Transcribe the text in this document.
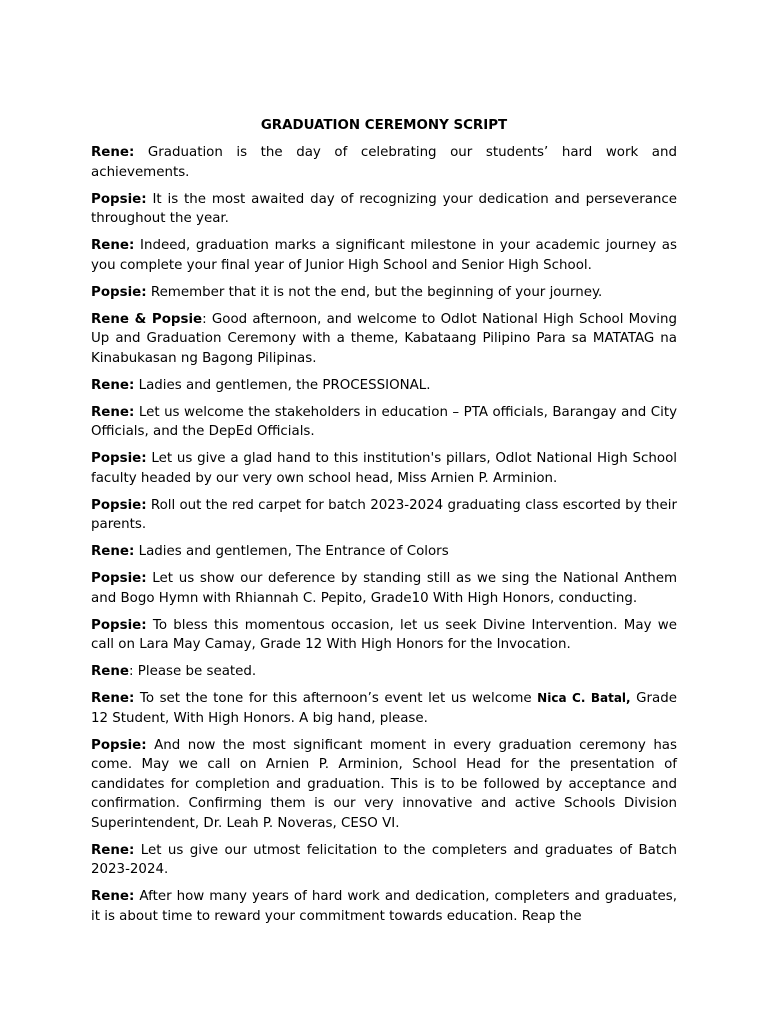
GRADUATION CEREMONY SCRIPT

Rene: Graduation is the day of celebrating our students’ hard work and achievements.

Popsie: It is the most awaited day of recognizing your dedication and perseverance throughout the year.

Rene: Indeed, graduation marks a significant milestone in your academic journey as you complete your final year of Junior High School and Senior High School.

Popsie: Remember that it is not the end, but the beginning of your journey.

Rene & Popsie: Good afternoon, and welcome to Odlot National High School Moving Up and Graduation Ceremony with a theme, Kabataang Pilipino Para sa MATATAG na Kinabukasan ng Bagong Pilipinas.

Rene: Ladies and gentlemen, the PROCESSIONAL.

Rene: Let us welcome the stakeholders in education – PTA officials, Barangay and City Officials, and the DepEd Officials.

Popsie: Let us give a glad hand to this institution's pillars, Odlot National High School faculty headed by our very own school head, Miss Arnien P. Arminion.

Popsie: Roll out the red carpet for batch 2023-2024 graduating class escorted by their parents.

Rene: Ladies and gentlemen, The Entrance of Colors

Popsie: Let us show our deference by standing still as we sing the National Anthem and Bogo Hymn with Rhiannah C. Pepito, Grade10 With High Honors, conducting.

Popsie: To bless this momentous occasion, let us seek Divine Intervention. May we call on Lara May Camay, Grade 12 With High Honors for the Invocation.

Rene: Please be seated.

Rene: To set the tone for this afternoon’s event let us welcome Nica C. Batal, Grade 12 Student, With High Honors. A big hand, please.

Popsie: And now the most significant moment in every graduation ceremony has come. May we call on Arnien P. Arminion, School Head for the presentation of candidates for completion and graduation. This is to be followed by acceptance and confirmation. Confirming them is our very innovative and active Schools Division Superintendent, Dr. Leah P. Noveras, CESO VI.

Rene: Let us give our utmost felicitation to the completers and graduates of Batch 2023-2024.

Rene: After how many years of hard work and dedication, completers and graduates, it is about time to reward your commitment towards education. Reap the
